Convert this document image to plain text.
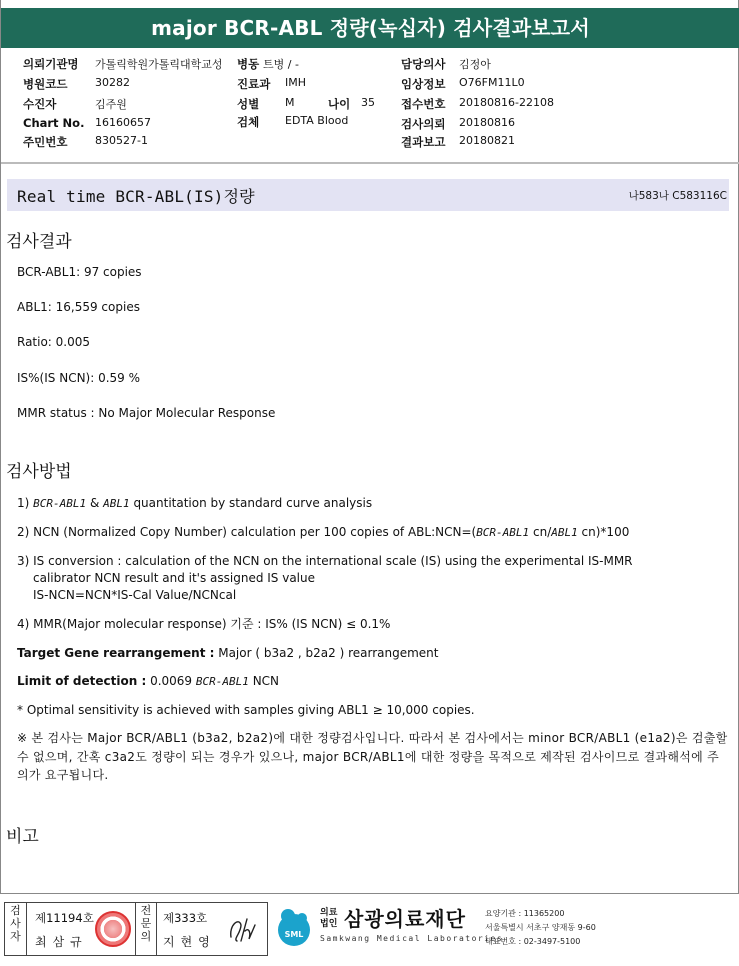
major BCR-ABL 정량(녹십자) 검사결과보고서
의뢰기관명 가톨릭학원가톨릭대학교성 병동 트병 / -	담당의사 김정아
병원코드	30282	진료과 IMH	임상정보 O76FM11L0
수진자	김주원	성별 M	나이 35 접수번호 20180816-22108
Chart No. 16160657	검체 EDTA Blood	검사의뢰 20180816
주민번호	830527-1	결과보고 20180821
Real time BCR-ABL(IS)정량	나583나 C583116C
검사결과
BCR-ABL1: 97 copies
ABL1: 16,559 copies
Ratio: 0.005
IS%(IS NCN): 0.59 %
MMR status : No Major Molecular Response
검사방법
1) BCR-ABL1 & ABL1 quantitation by standard curve analysis
2) NCN (Normalized Copy Number) calculation per 100 copies of ABL:NCN=(BCR-ABL1 cn/ABL1 cn)*100
3) IS conversion : calculation of the NCN on the international scale (IS) using the experimental IS-MMR
calibrator NCN result and it's assigned IS value
IS-NCN=NCN*IS-Cal Value/NCNcal
4) MMR(Major molecular response) 기준 : IS% (IS NCN) ≤ 0.1%
Target Gene rearrangement : Major ( b3a2 , b2a2 ) rearrangement
Limit of detection : 0.0069 BCR-ABL1 NCN
* Optimal sensitivity is achieved with samples giving ABL1 ≥ 10,000 copies.
※ 본 검사는 Major BCR/ABL1 (b3a2, b2a2)에 대한 정량검사입니다. 따라서 본 검사에서는 minor BCR/ABL1 (e1a2)은 검출할 수 없으며, 간혹 c3a2도 정량이 되는 경우가 있으나, major BCR/ABL1에 대한 정량을 목적으로 제작된 검사이므로 결과해석에 주의가 요구됩니다.
비고
검사자
제11194호
최삼규
전문의
제333호
지현영
SML
의료
법인 삼광의료재단
Samkwang Medical Laboratories
요양기관 : 11365200
서울특별시 서초구 양재동 9-60
대표번호 : 02-3497-5100
